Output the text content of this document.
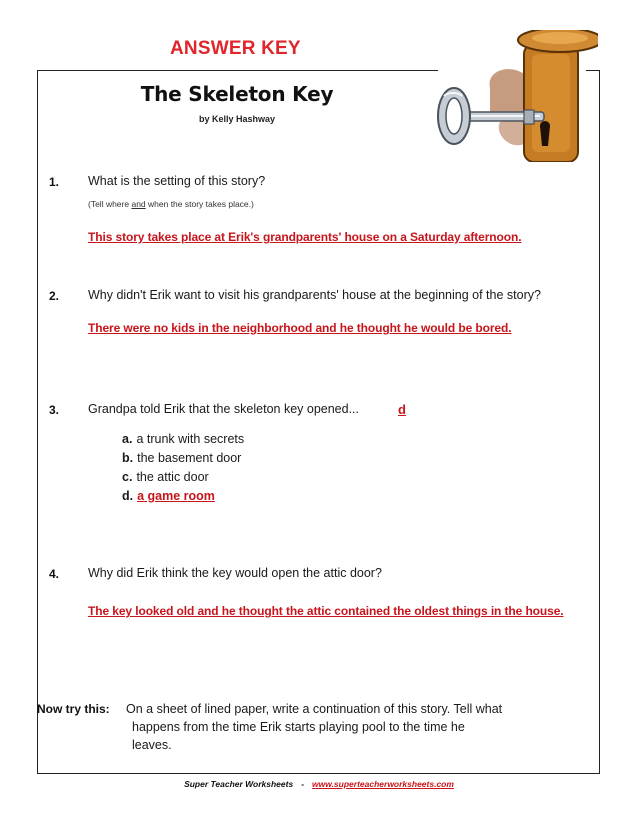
ANSWER KEY
The Skeleton Key
by Kelly Hashway
1. What is the setting of this story?
(Tell where and when the story takes place.)
This story takes place at Erik's grandparents' house on a Saturday afternoon.
2. Why didn't Erik want to visit his grandparents' house at the beginning of the story?
There were no kids in the neighborhood and he thought he would be bored.
3. Grandpa told Erik that the skeleton key opened...	d
a. a trunk with secrets
b. the basement door
c. the attic door
d. a game room
4. Why did Erik think the key would open the attic door?
The key looked old and he thought the attic contained the oldest things in the house.
Now try this: On a sheet of lined paper, write a continuation of this story. Tell what
happens from the time Erik starts playing pool to the time he
leaves.
Super Teacher Worksheets - www.superteacherworksheets.com
